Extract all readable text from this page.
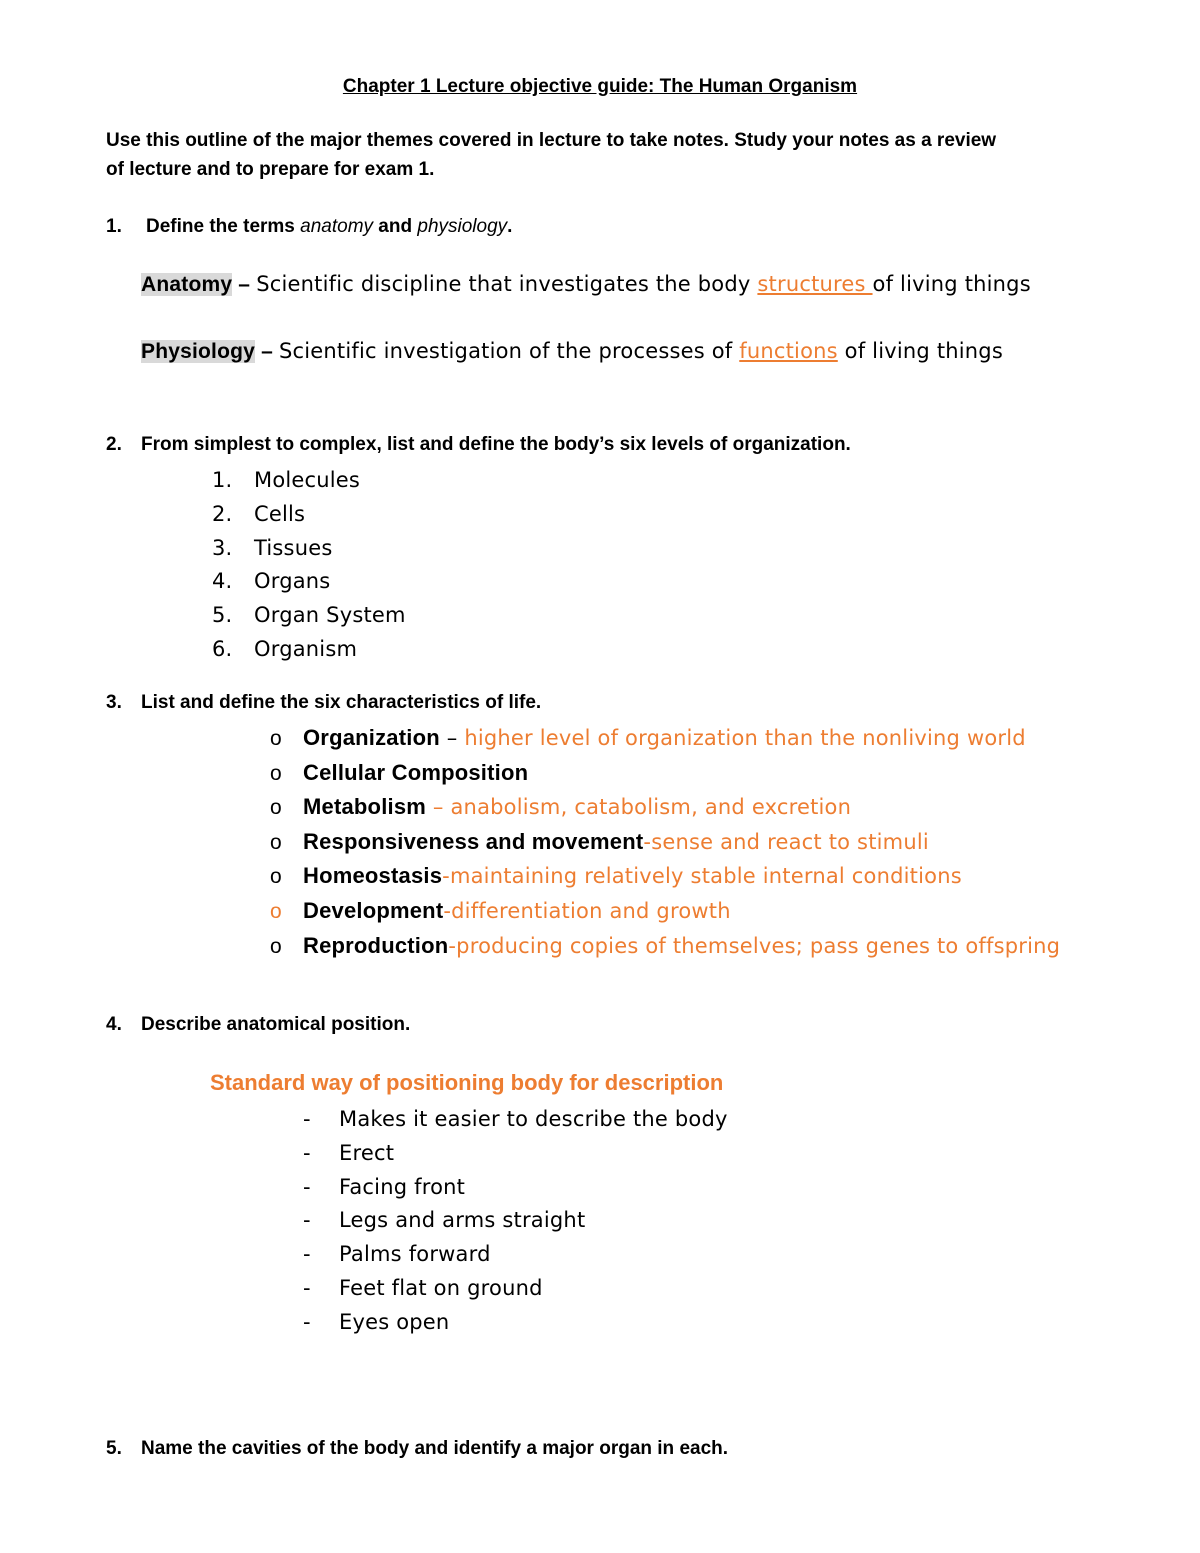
Chapter 1 Lecture objective guide: The Human Organism
Use this outline of the major themes covered in lecture to take notes. Study your notes as a review
of lecture and to prepare for exam 1.
1. Define the terms anatomy and physiology.
Anatomy – Scientific discipline that investigates the body structures of living things
Physiology – Scientific investigation of the processes of functions of living things
2. From simplest to complex, list and define the body’s six levels of organization.
1. Molecules
2. Cells
3. Tissues
4. Organs
5. Organ System
6. Organism
3. List and define the six characteristics of life.
o Organization – higher level of organization than the nonliving world
o Cellular Composition
o Metabolism – anabolism, catabolism, and excretion
o Responsiveness and movement-sense and react to stimuli
o Homeostasis-maintaining relatively stable internal conditions
o Development-differentiation and growth
o Reproduction-producing copies of themselves; pass genes to offspring
4. Describe anatomical position.
Standard way of positioning body for description
- Makes it easier to describe the body
- Erect
- Facing front
- Legs and arms straight
- Palms forward
- Feet flat on ground
- Eyes open
5. Name the cavities of the body and identify a major organ in each.
